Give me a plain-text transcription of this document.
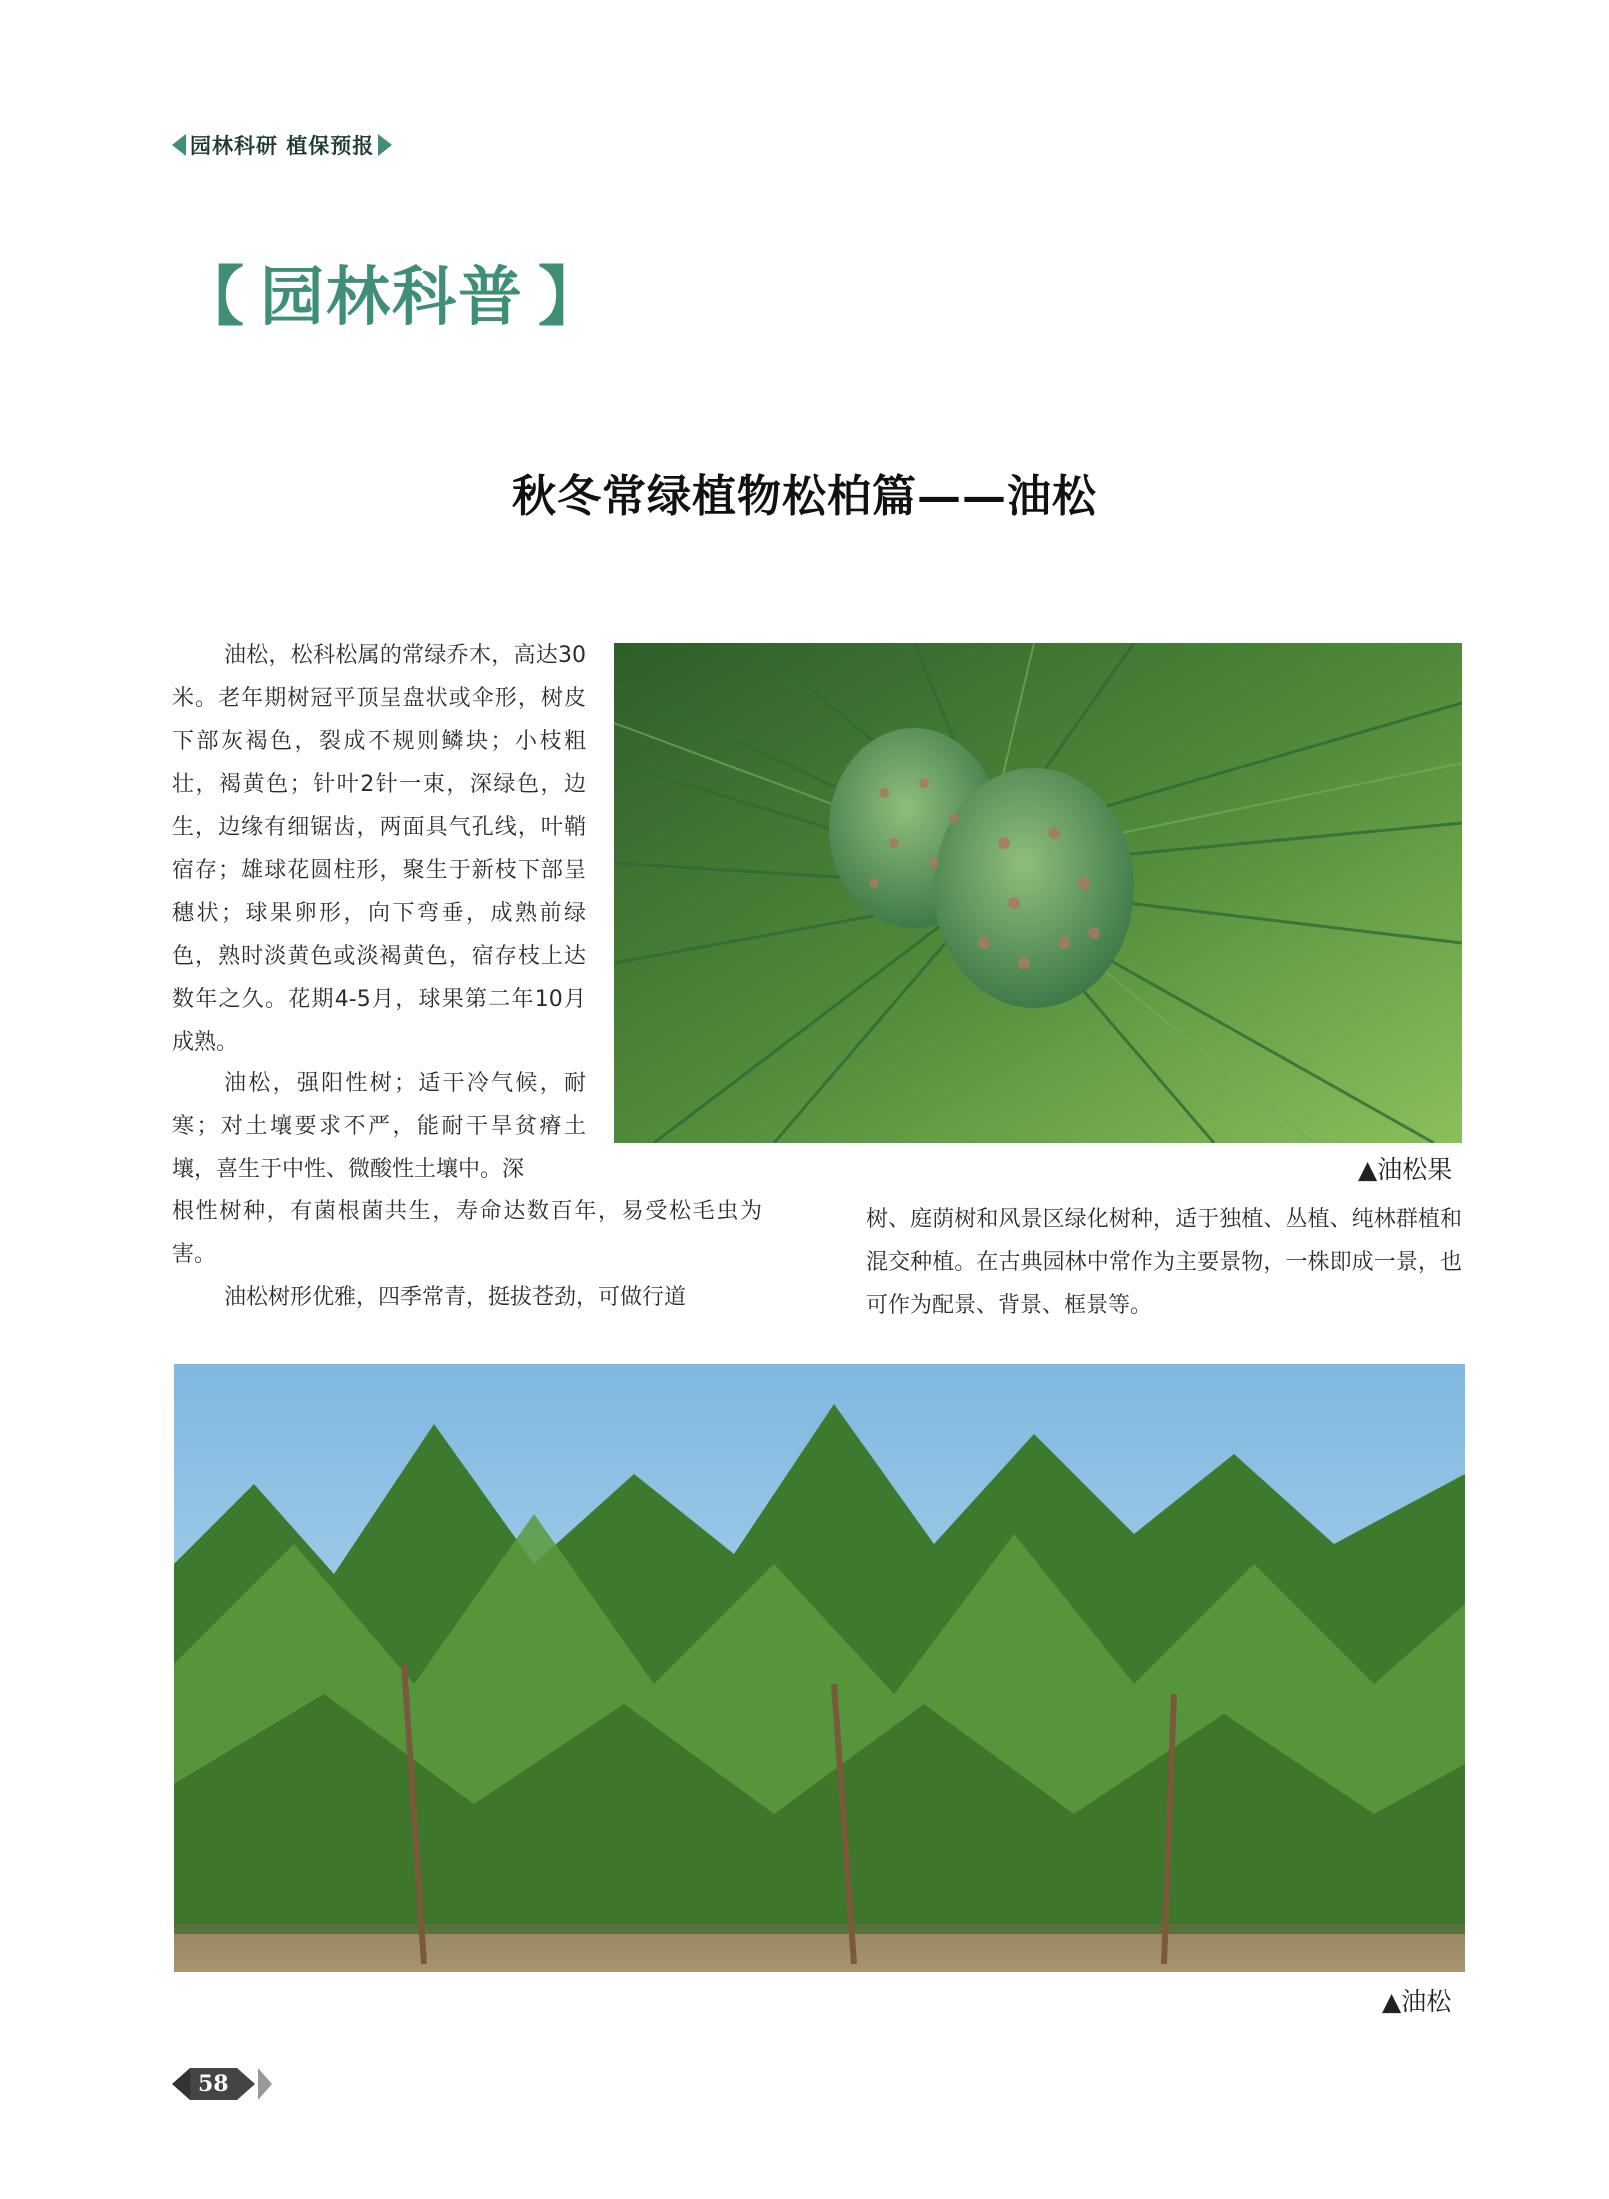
园林科研 植保预报
【 园林科普 】
秋冬常绿植物松柏篇——油松
油松，松科松属的常绿乔木，高达30米。老年期树冠平顶呈盘状或伞形，树皮下部灰褐色，裂成不规则鳞块；小枝粗壮，褐黄色；针叶2针一束，深绿色，边生，边缘有细锯齿，两面具气孔线，叶鞘宿存；雄球花圆柱形，聚生于新枝下部呈穗状；球果卵形，向下弯垂，成熟前绿色，熟时淡黄色或淡褐黄色，宿存枝上达数年之久。花期4-5月，球果第二年10月成熟。
油松，强阳性树；适干冷气候，耐寒；对土壤要求不严，能耐干旱贫瘠土壤，喜生于中性、微酸性土壤中。深
根性树种，有菌根菌共生，寿命达数百年，易受松毛虫为害。
油松树形优雅，四季常青，挺拔苍劲，可做行道
树、庭荫树和风景区绿化树种，适于独植、丛植、纯林群植和混交种植。在古典园林中常作为主要景物，一株即成一景，也可作为配景、背景、框景等。
▲油松果
▲油松
58
